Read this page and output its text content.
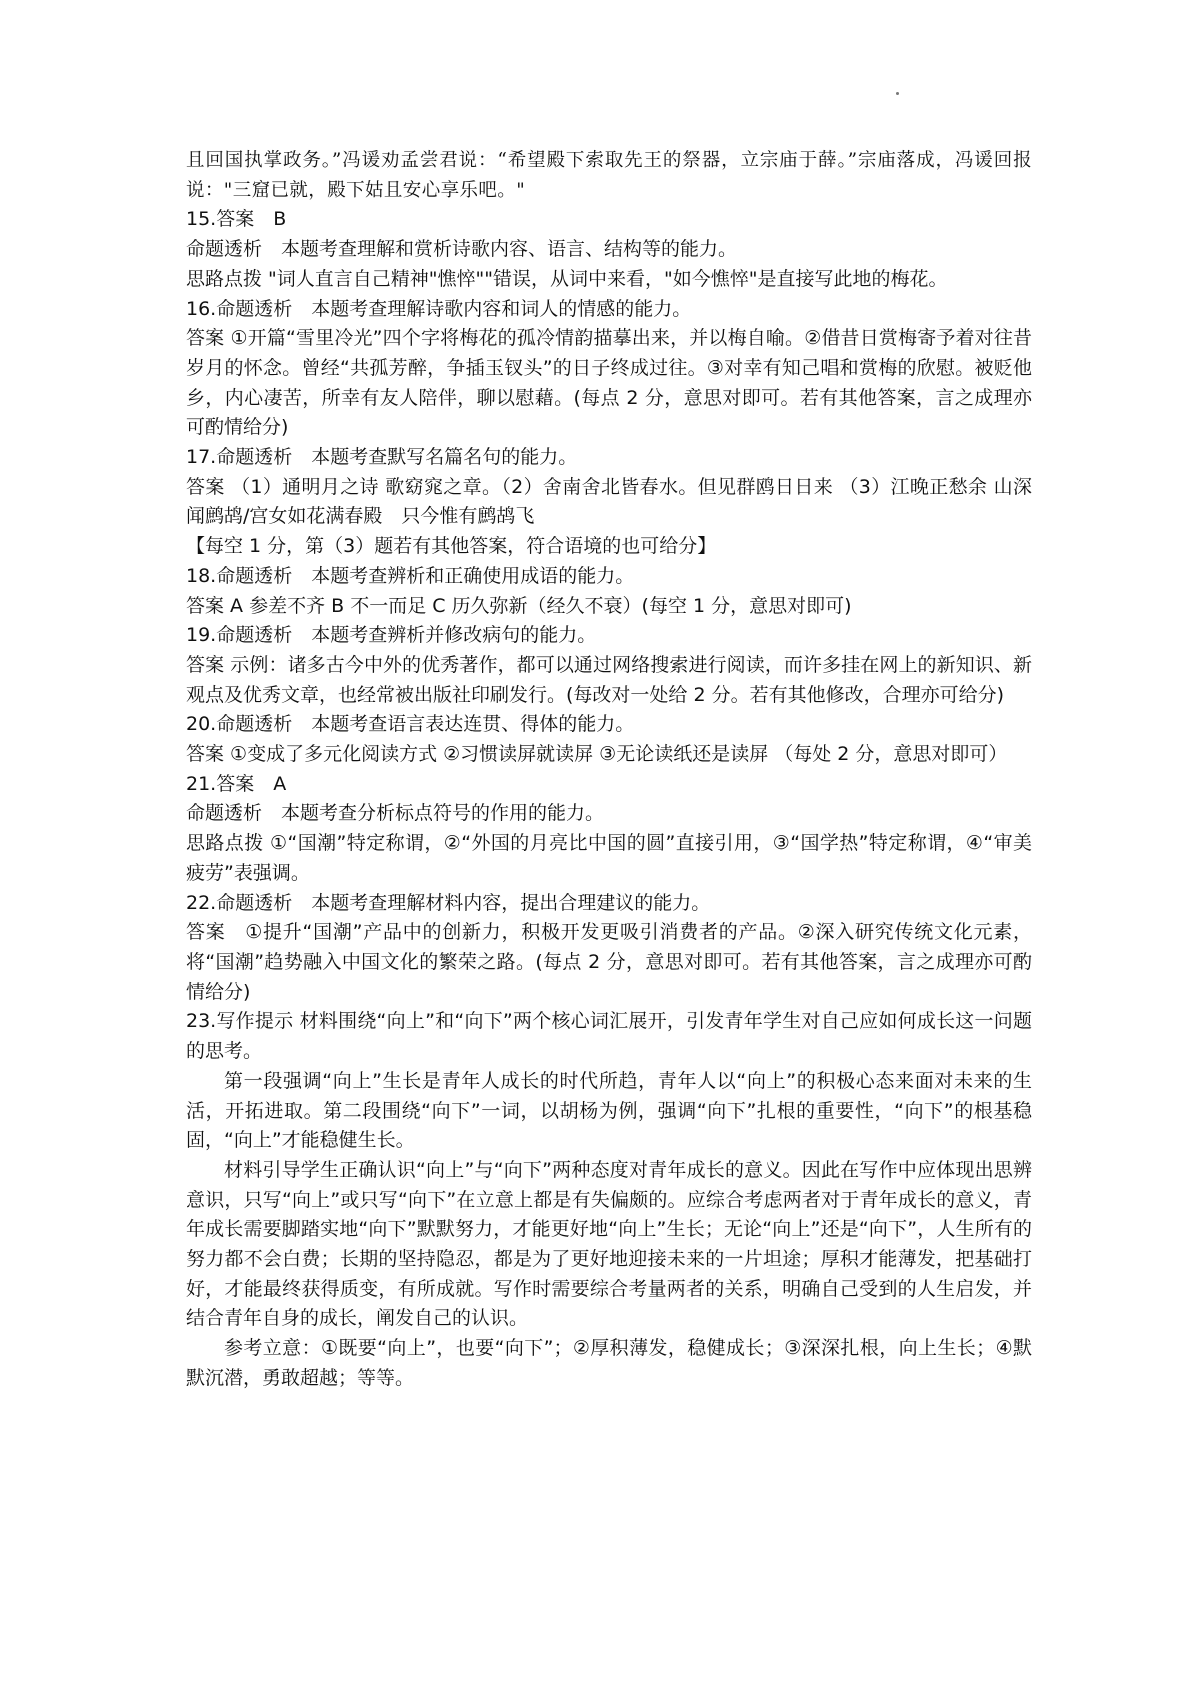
且回国执掌政务。”冯谖劝孟尝君说：“希望殿下索取先王的祭器，立宗庙于薛。”宗庙落成，冯谖回报说："三窟已就，殿下姑且安心享乐吧。"

15.答案　B

命题透析　本题考查理解和赏析诗歌内容、语言、结构等的能力。

思路点拨 "词人直言自己精神"憔悴""错误，从词中来看，"如今憔悴"是直接写此地的梅花。

16.命题透析　本题考查理解诗歌内容和词人的情感的能力。

答案 ①开篇“雪里冷光”四个字将梅花的孤冷情韵描摹出来，并以梅自喻。②借昔日赏梅寄予着对往昔岁月的怀念。曾经“共孤芳醉，争插玉钗头”的日子终成过往。③对幸有知己唱和赏梅的欣慰。被贬他乡，内心凄苦，所幸有友人陪伴，聊以慰藉。(每点 2 分，意思对即可。若有其他答案，言之成理亦可酌情给分)

17.命题透析　本题考查默写名篇名句的能力。

答案 （1）通明月之诗 歌窈窕之章。（2）舍南舍北皆春水。但见群鸥日日来 （3）江晚正愁余 山深闻鹧鸪/宫女如花满春殿　只今惟有鹧鸪飞

【每空 1 分，第（3）题若有其他答案，符合语境的也可给分】

18.命题透析　本题考查辨析和正确使用成语的能力。

答案 A 参差不齐 B 不一而足 C 历久弥新（经久不衰）(每空 1 分，意思对即可)

19.命题透析　本题考查辨析并修改病句的能力。

答案 示例：诸多古今中外的优秀著作，都可以通过网络搜索进行阅读，而许多挂在网上的新知识、新观点及优秀文章，也经常被出版社印刷发行。(每改对一处给 2 分。若有其他修改，合理亦可给分)

20.命题透析　本题考查语言表达连贯、得体的能力。

答案 ①变成了多元化阅读方式 ②习惯读屏就读屏 ③无论读纸还是读屏 （每处 2 分，意思对即可）

21.答案　A

命题透析　本题考查分析标点符号的作用的能力。

思路点拨 ①“国潮”特定称谓，②“外国的月亮比中国的圆”直接引用，③“国学热”特定称谓，④“审美疲劳”表强调。

22.命题透析　本题考查理解材料内容，提出合理建议的能力。

答案　①提升“国潮”产品中的创新力，积极开发更吸引消费者的产品。②深入研究传统文化元素，将“国潮”趋势融入中国文化的繁荣之路。(每点 2 分，意思对即可。若有其他答案，言之成理亦可酌情给分)

23.写作提示 材料围绕“向上”和“向下”两个核心词汇展开，引发青年学生对自己应如何成长这一问题的思考。

第一段强调“向上”生长是青年人成长的时代所趋，青年人以“向上”的积极心态来面对未来的生活，开拓进取。第二段围绕“向下”一词，以胡杨为例，强调“向下”扎根的重要性，“向下”的根基稳固，“向上”才能稳健生长。

材料引导学生正确认识“向上”与“向下”两种态度对青年成长的意义。因此在写作中应体现出思辨意识，只写“向上”或只写“向下”在立意上都是有失偏颇的。应综合考虑两者对于青年成长的意义，青年成长需要脚踏实地“向下”默默努力，才能更好地“向上”生长；无论“向上”还是“向下”，人生所有的努力都不会白费；长期的坚持隐忍，都是为了更好地迎接未来的一片坦途；厚积才能薄发，把基础打好，才能最终获得质变，有所成就。写作时需要综合考量两者的关系，明确自己受到的人生启发，并结合青年自身的成长，阐发自己的认识。

参考立意：①既要“向上”，也要“向下”；②厚积薄发，稳健成长；③深深扎根，向上生长；④默默沉潜，勇敢超越；等等。
